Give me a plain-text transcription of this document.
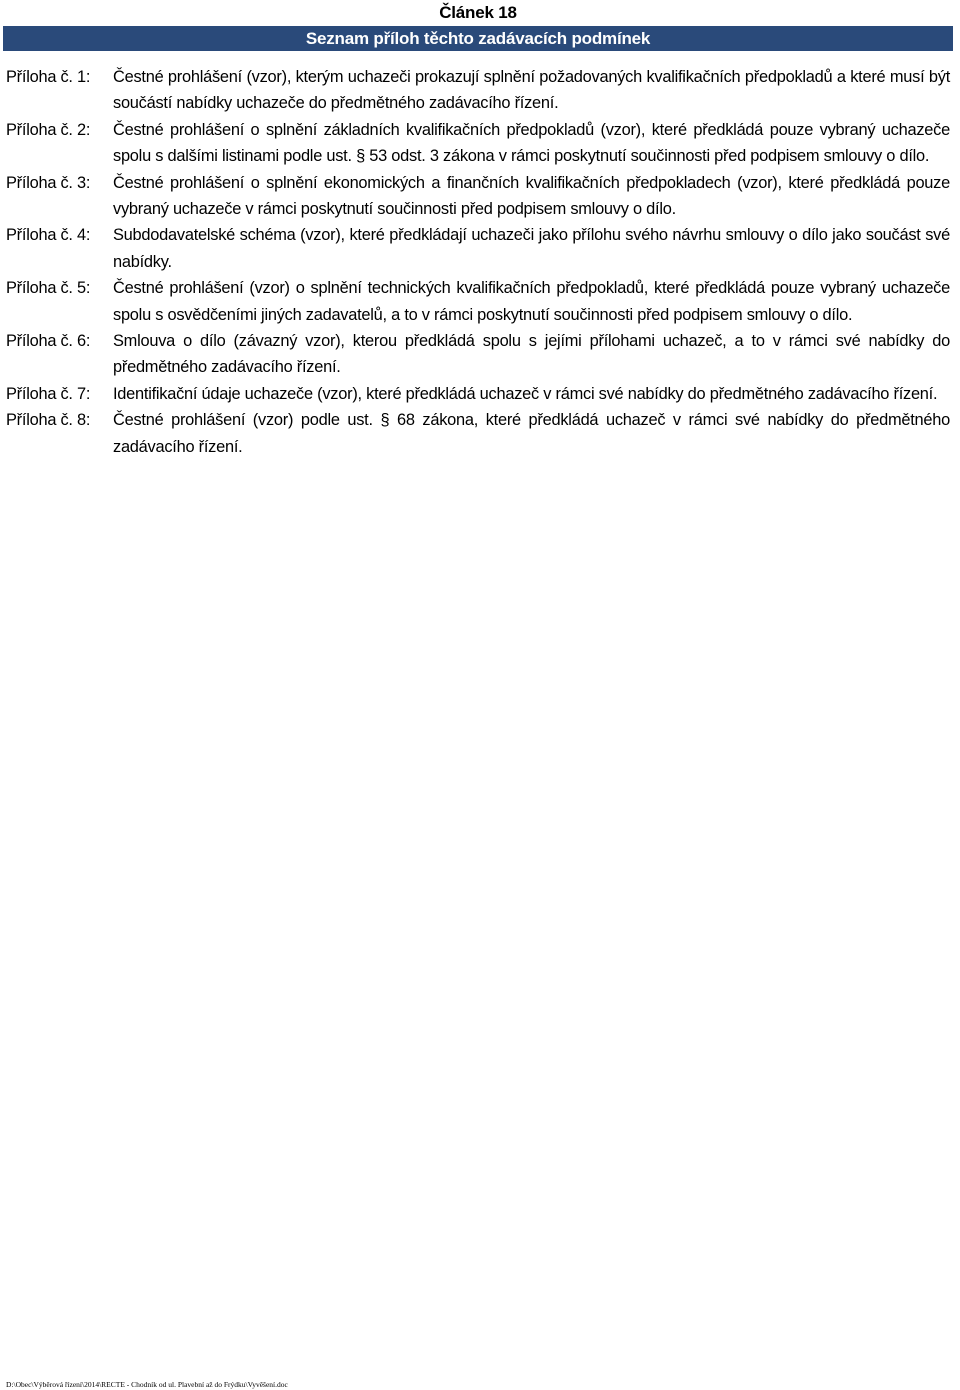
Článek 18
Seznam příloh těchto zadávacích podmínek
Příloha č. 1:	Čestné prohlášení (vzor), kterým uchazeči prokazují splnění požadovaných kvalifikačních předpokladů a které musí být součástí nabídky uchazeče do předmětného zadávacího řízení.
Příloha č. 2:	Čestné prohlášení o splnění základních kvalifikačních předpokladů (vzor), které předkládá pouze vybraný uchazeče spolu s dalšími listinami podle ust. § 53 odst. 3 zákona v rámci poskytnutí součinnosti před podpisem smlouvy o dílo.
Příloha č. 3:	Čestné prohlášení o splnění ekonomických a finančních kvalifikačních předpokladech (vzor), které předkládá pouze vybraný uchazeče v rámci poskytnutí součinnosti před podpisem smlouvy o dílo.
Příloha č. 4:	Subdodavatelské schéma (vzor), které předkládají uchazeči jako přílohu svého návrhu smlouvy o dílo jako součást své nabídky.
Příloha č. 5:	Čestné prohlášení (vzor) o splnění technických kvalifikačních předpokladů, které předkládá pouze vybraný uchazeče spolu s osvědčeními jiných zadavatelů, a to v rámci poskytnutí součinnosti před podpisem smlouvy o dílo.
Příloha č. 6:	Smlouva o dílo (závazný vzor), kterou předkládá spolu s jejími přílohami uchazeč, a to v rámci své nabídky do předmětného zadávacího řízení.
Příloha č. 7:	Identifikační údaje uchazeče (vzor), které předkládá uchazeč v rámci své nabídky do předmětného zadávacího řízení.
Příloha č. 8:	Čestné prohlášení (vzor) podle ust. § 68 zákona, které předkládá uchazeč v rámci své nabídky do předmětného zadávacího řízení.
D:\Obec\Výběrová řízení\2014\RECTE - Chodník od ul. Plavební až do Frýdku\Vyvěšení.doc
